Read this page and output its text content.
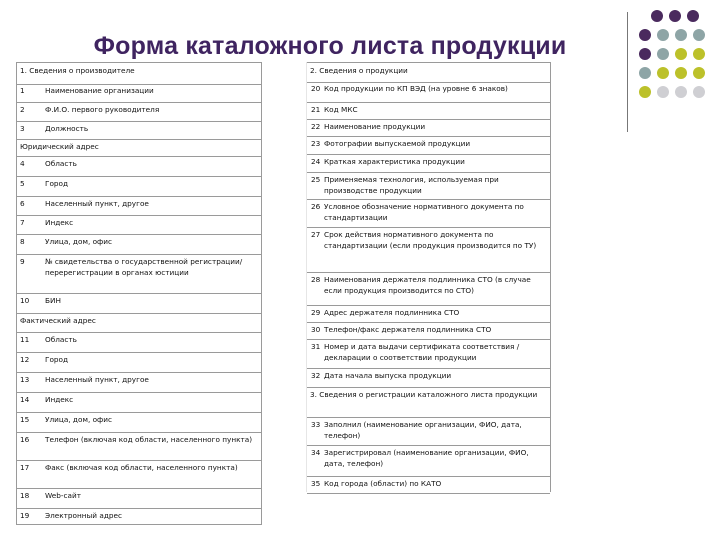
Форма каталожного листа продукции
1. Сведения о производителе
1	Наименование организации
2	Ф.И.О. первого руководителя
3	Должность
Юридический адрес
4	Область
5	Город
6	Населенный пункт, другое
7	Индекс
8	Улица, дом, офис
9	№ свидетельства о государственной регистрации/перерегистрации в органах юстиции
10 БИН
Фактический адрес
11 Область
12 Город
13 Населенный пункт, другое
14 Индекс
15 Улица, дом, офис
16 Телефон (включая код области, населенного пункта)
17 Факс (включая код области, населенного пункта)
18 Web-сайт
19 Электронный адрес
2. Сведения о продукции
20 Код продукции по КП ВЭД (на уровне 6 знаков)
21 Код МКС
22 Наименование продукции
23 Фотографии выпускаемой продукции
24 Краткая характеристика продукции
25 Применяемая технология, используемая при производстве продукции
26 Условное обозначение нормативного документа по стандартизации
27 Срок действия нормативного документа по стандартизации (если продукция производится по ТУ)
28 Наименования держателя подлинника СТО (в случае если продукция производится по СТО)
29 Адрес держателя подлинника СТО
30 Телефон/факс держателя подлинника СТО
31 Номер и дата выдачи сертификата соответствия / декларации о соответствии продукции
32 Дата начала выпуска продукции
3. Сведения о регистрации каталожного листа продукции
33 Заполнил (наименование организации, ФИО, дата, телефон)
34 Зарегистрировал (наименование организации, ФИО, дата, телефон)
35 Код города (области) по КАТО
